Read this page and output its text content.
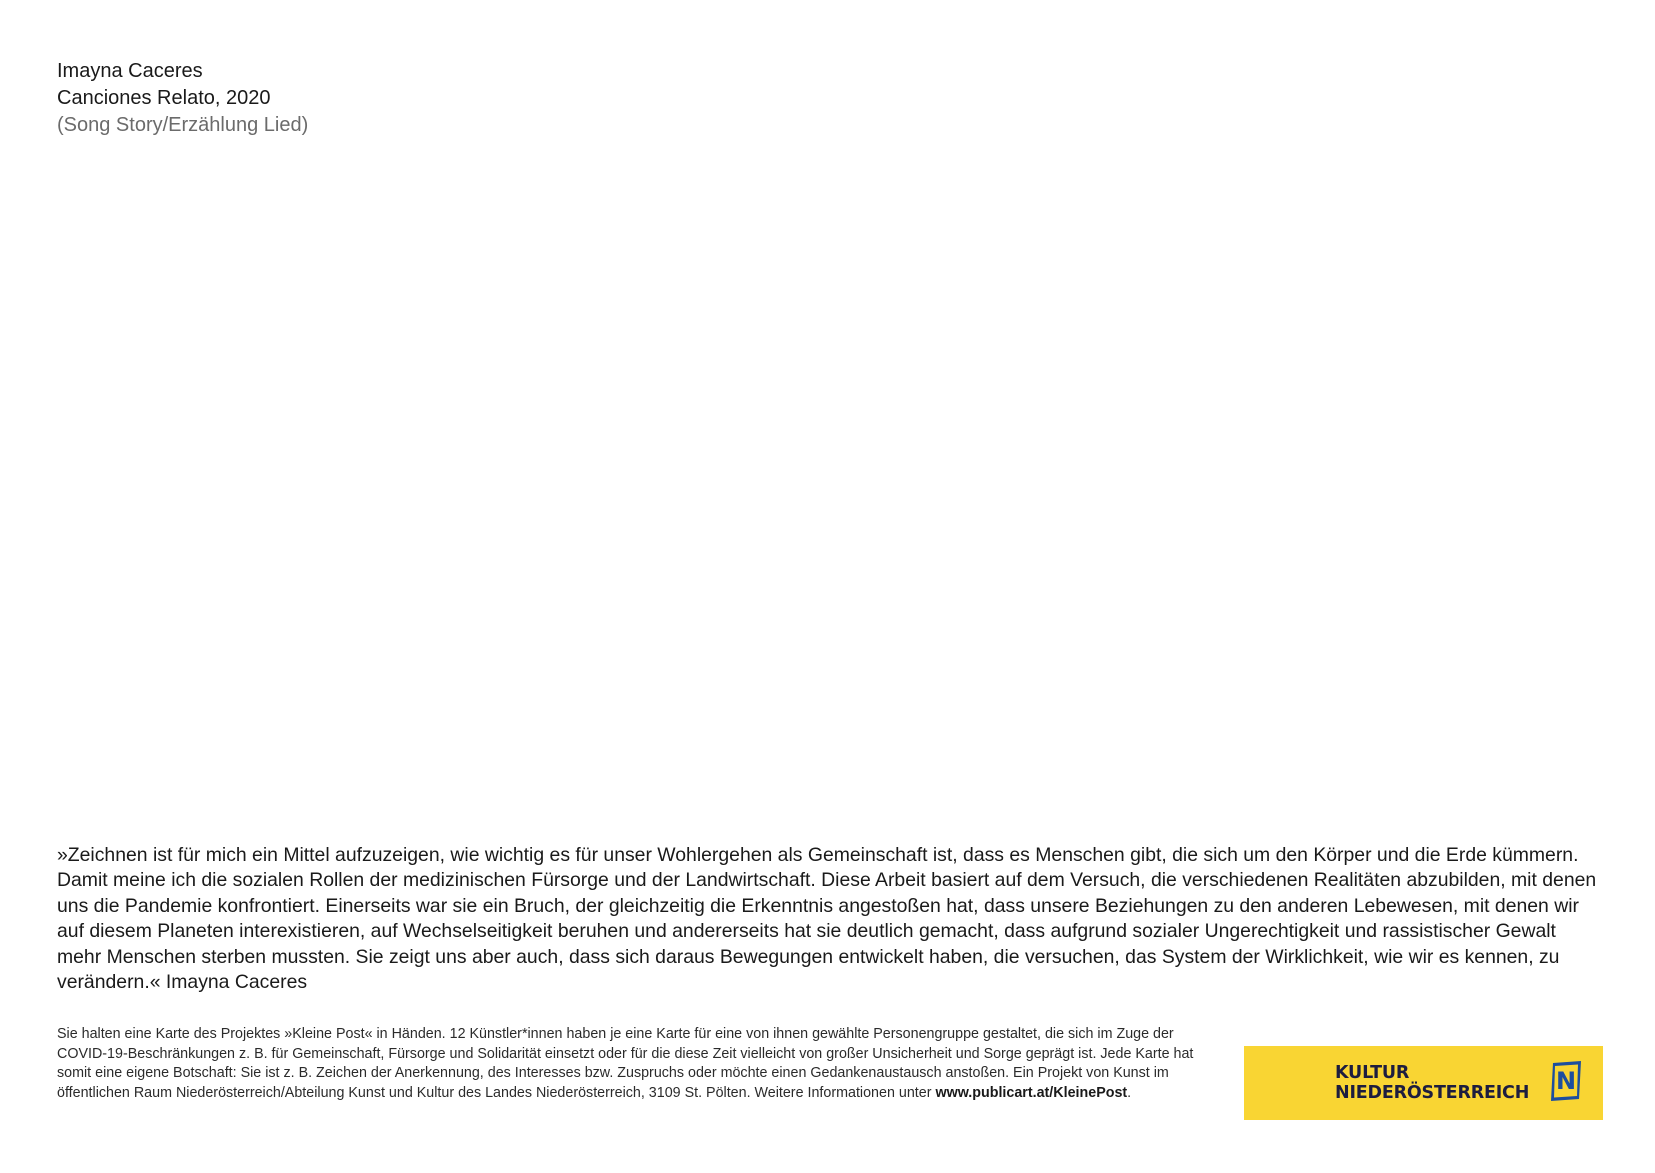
Imayna Caceres
Canciones Relato, 2020
(Song Story/Erzählung Lied)

»Zeichnen ist für mich ein Mittel aufzuzeigen, wie wichtig es für unser Wohlergehen als Gemeinschaft ist, dass es Menschen gibt, die sich um den Körper und die Erde kümmern. Damit meine ich die sozialen Rollen der medizinischen Fürsorge und der Landwirtschaft. Diese Arbeit basiert auf dem Versuch, die verschiedenen Realitäten abzubilden, mit denen uns die Pandemie konfrontiert. Einerseits war sie ein Bruch, der gleichzeitig die Erkenntnis angestoßen hat, dass unsere Beziehungen zu den anderen Lebewesen, mit denen wir auf diesem Planeten interexistieren, auf Wechselseitigkeit beruhen und andererseits hat sie deutlich gemacht, dass aufgrund sozialer Ungerechtigkeit und rassistischer Gewalt mehr Menschen sterben mussten. Sie zeigt uns aber auch, dass sich daraus Bewegungen entwickelt haben, die versuchen, das System der Wirklichkeit, wie wir es kennen, zu verändern.« Imayna Caceres

Sie halten eine Karte des Projektes »Kleine Post« in Händen. 12 Künstler*innen haben je eine Karte für eine von ihnen gewählte Personengruppe gestaltet, die sich im Zuge der COVID-19-Beschränkungen z. B. für Gemeinschaft, Fürsorge und Solidarität einsetzt oder für die diese Zeit vielleicht von großer Unsicherheit und Sorge geprägt ist. Jede Karte hat somit eine eigene Botschaft: Sie ist z. B. Zeichen der Anerkennung, des Interesses bzw. Zuspruchs oder möchte einen Gedankenaustausch anstoßen. Ein Projekt von Kunst im öffentlichen Raum Niederösterreich/Abteilung Kunst und Kultur des Landes Niederösterreich, 3109 St. Pölten. Weitere Informationen unter www.publicart.at/KleinePost.

KULTUR
NIEDERÖSTERREICH N
